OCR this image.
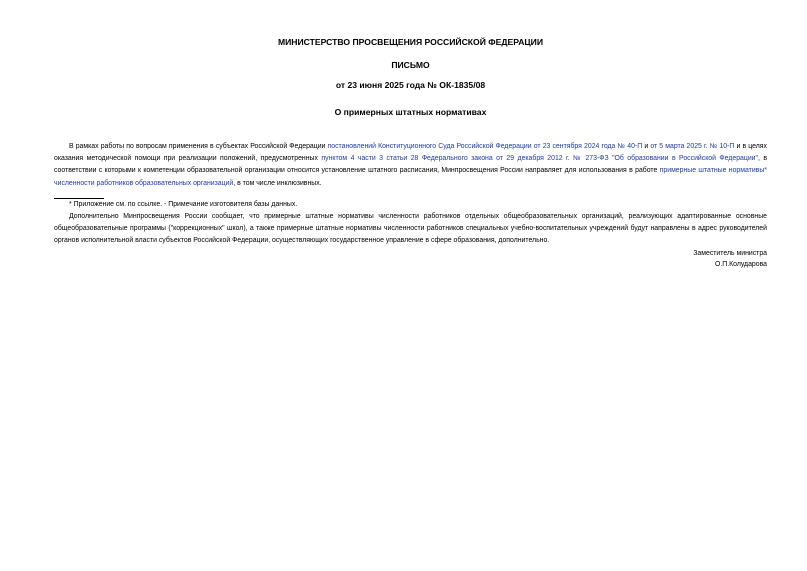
МИНИСТЕРСТВО ПРОСВЕЩЕНИЯ РОССИЙСКОЙ ФЕДЕРАЦИИ
ПИСЬМО
от 23 июня 2025 года № ОК-1835/08
О примерных штатных нормативах
В рамках работы по вопросам применения в субъектах Российской Федерации постановлений Конституционного Суда Российской Федерации от 23 сентября 2024 года № 40-П и от 5 марта 2025 г. № 10-П и в целях оказания методической помощи при реализации положений, предусмотренных пунктом 4 части 3 статьи 28 Федерального закона от 29 декабря 2012 г. № 273-ФЗ "Об образовании в Российской Федерации", в соответствии с которыми к компетенции образовательной организации относится установление штатного расписания, Минпросвещения России направляет для использования в работе примерные штатные нормативы* численности работников образовательных организаций, в том числе инклюзивных.
* Приложение см. по ссылке. - Примечание изготовителя базы данных.
Дополнительно Минпросвещения России сообщает, что примерные штатные нормативы численности работников отдельных общеобразовательных организаций, реализующих адаптированные основные общеобразовательные программы ("коррекционных" школ), а также примерные штатные нормативы численности работников специальных учебно-воспитательных учреждений будут направлены в адрес руководителей органов исполнительной власти субъектов Российской Федерации, осуществляющих государственное управление в сфере образования, дополнительно.
Заместитель министра
О.П.Колударова
